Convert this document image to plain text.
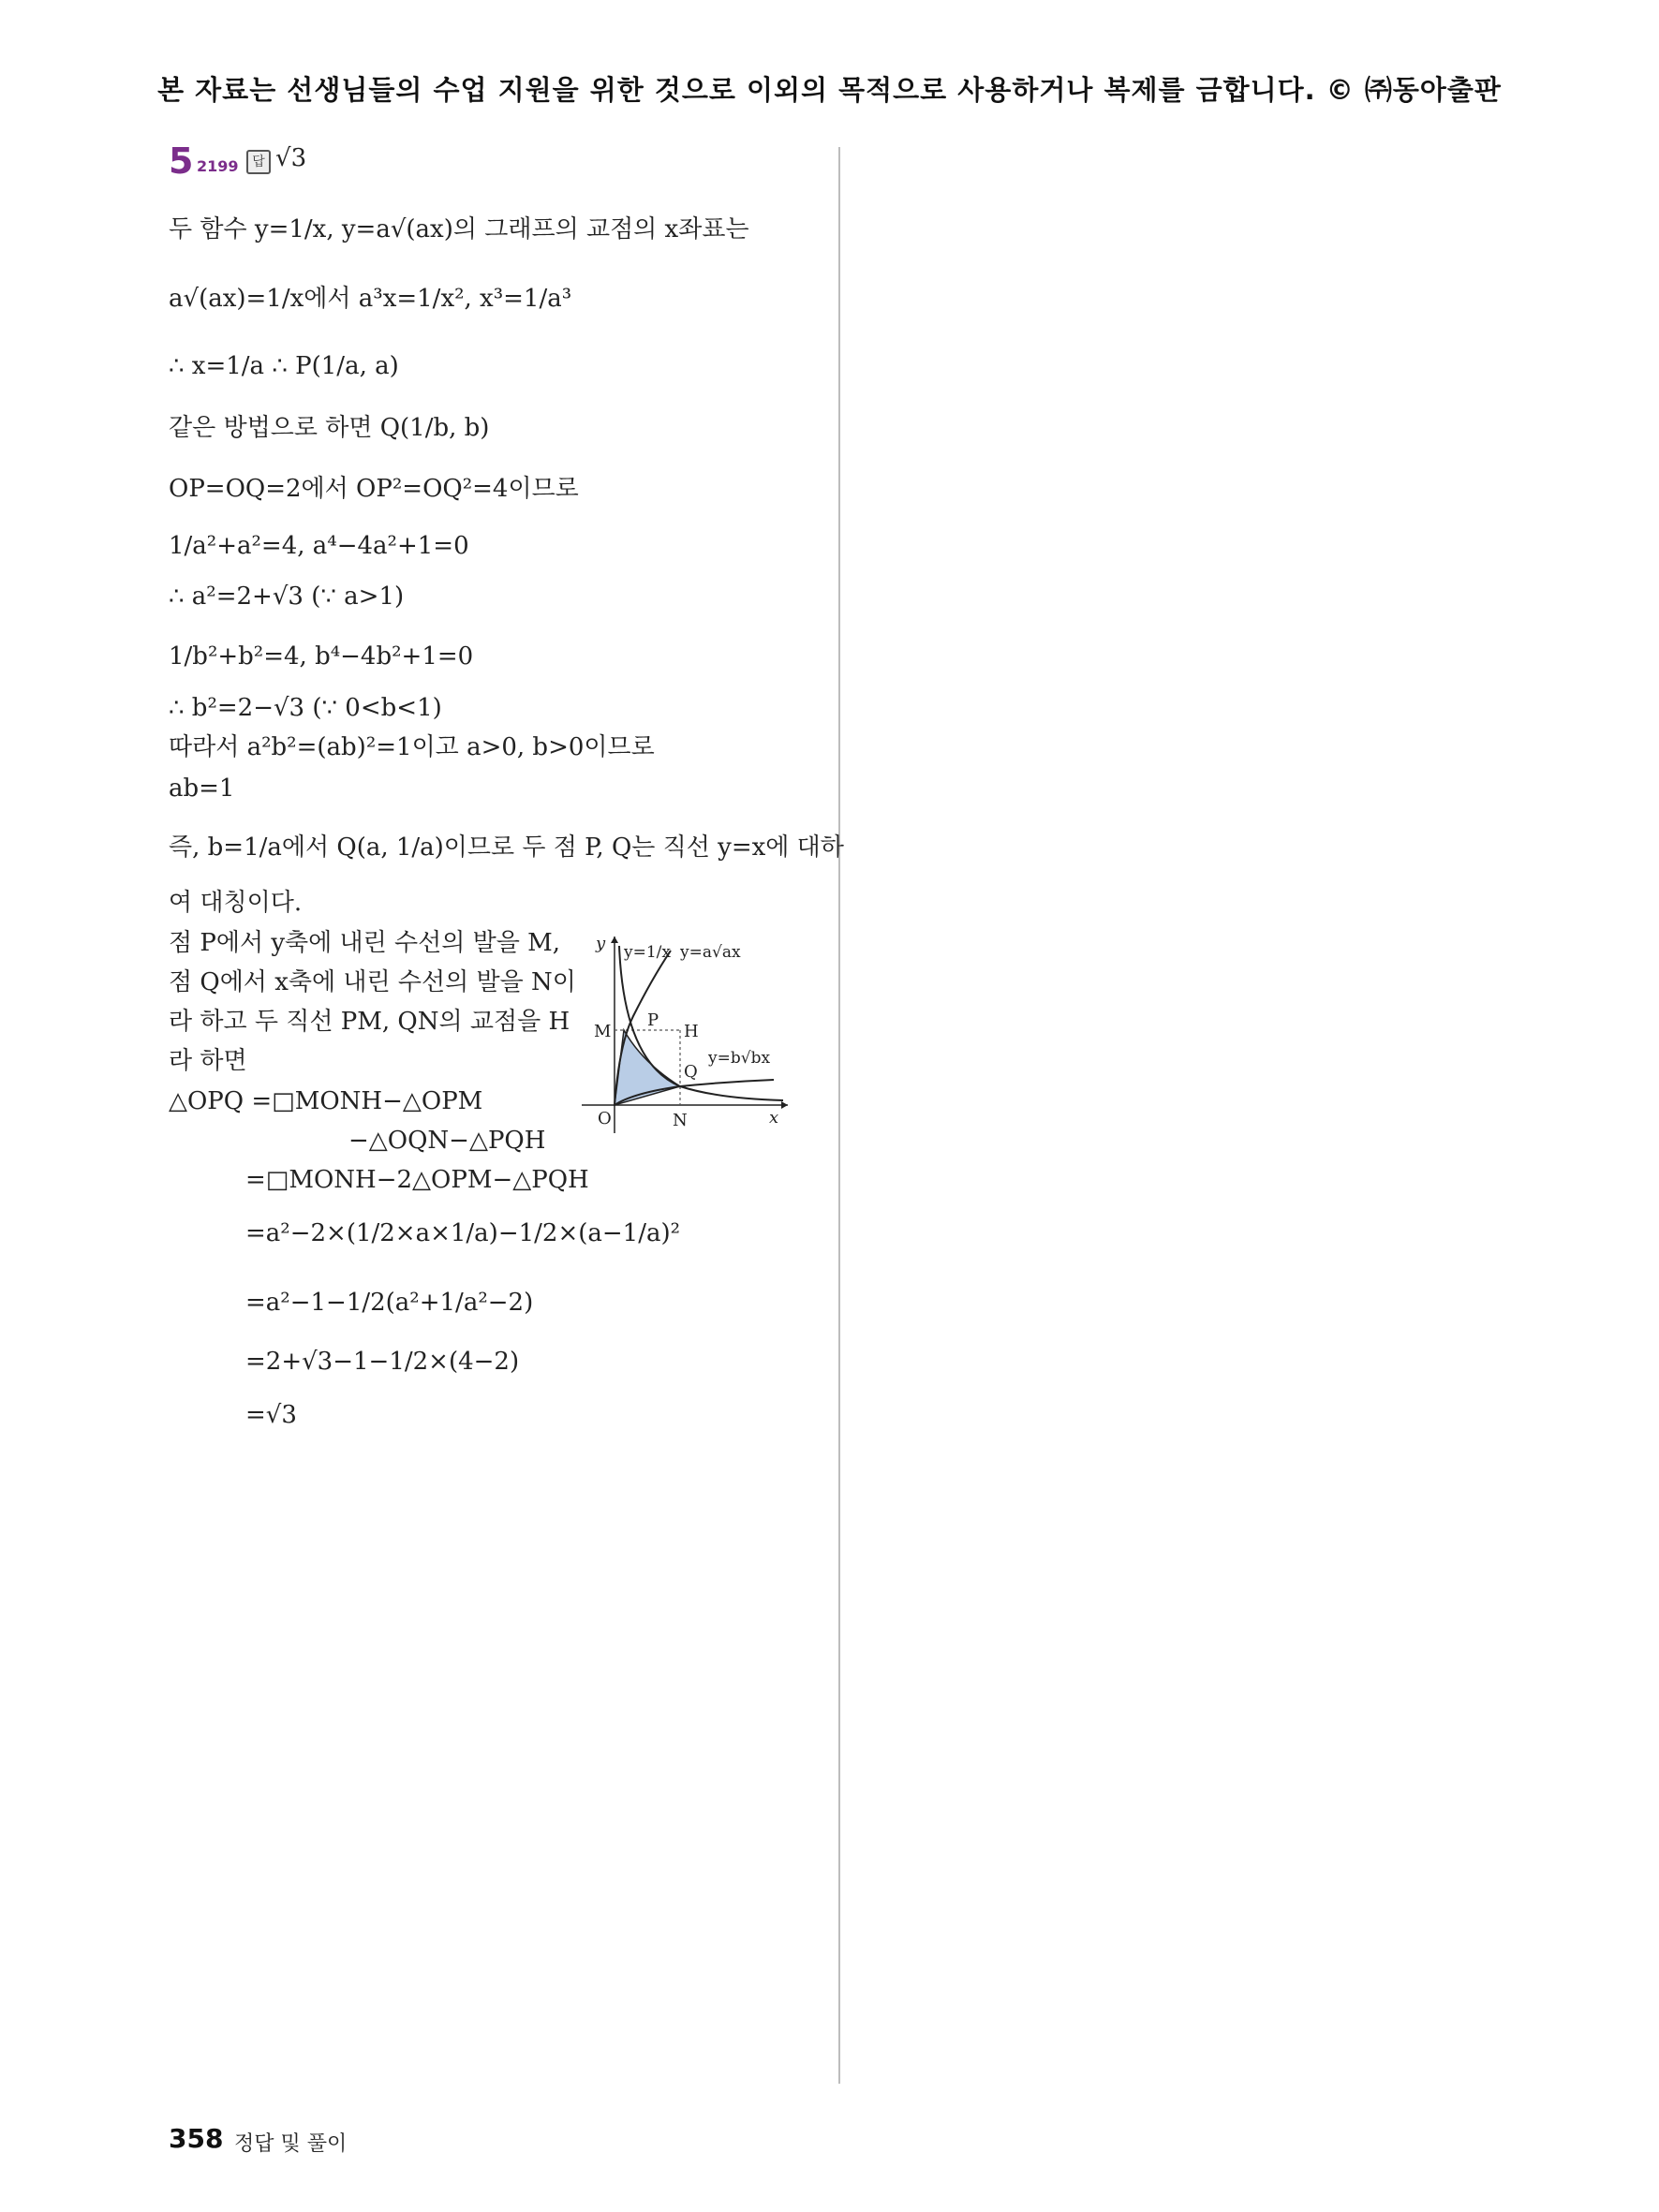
본 자료는 선생님들의 수업 지원을 위한 것으로 이외의 목적으로 사용하거나 복제를 금합니다. © ㈜동아출판
5 2199	답 √3
두 함수 y=1/x, y=a√(ax)의 그래프의 교점의 x좌표는
a√(ax)=1/x에서 a³x=1/x², x³=1/a³
∴ x=1/a ∴ P(1/a, a)
같은 방법으로 하면 Q(1/b, b)
OP=OQ=2에서 OP²=OQ²=4이므로
1/a²+a²=4, a⁴−4a²+1=0
∴ a²=2+√3 (∵ a>1)
1/b²+b²=4, b⁴−4b²+1=0
∴ b²=2−√3 (∵ 0<b<1)
따라서 a²b²=(ab)²=1이고 a>0, b>0이므로
ab=1
즉, b=1/a에서 Q(a, 1/a)이므로 두 점 P, Q는 직선 y=x에 대하
여 대칭이다.
점 P에서 y축에 내린 수선의 발을 M,
점 Q에서 x축에 내린 수선의 발을 N이
라 하고 두 직선 PM, QN의 교점을 H
라 하면
△OPQ =□MONH−△OPM
−△OQN−△PQH
=□MONH−2△OPM−△PQH
=a²−2×(1/2×a×1/a)−1/2×(a−1/a)²
=a²−1−1/2(a²+1/a²−2)
=2+√3−1−1/2×(4−2)
=√3
y y=1/x y=a√ax
M
P
H
Q
y=b√bx
O	N	x
358 정답 및 풀이
